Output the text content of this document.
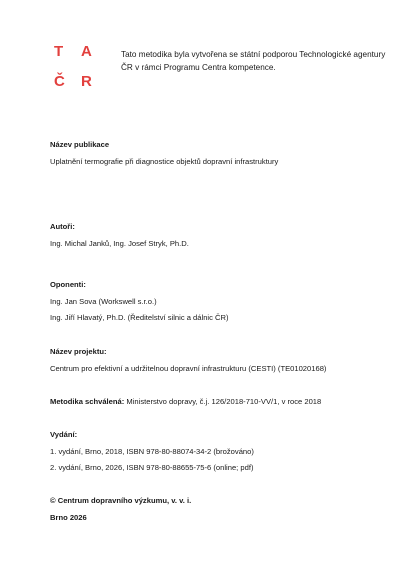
T A
Č R
Tato metodika byla vytvořena se státní podporou Technologické agentury ČR v rámci Programu Centra kompetence.
Název publikace
Uplatnění termografie při diagnostice objektů dopravní infrastruktury
Autoři:
Ing. Michal Janků, Ing. Josef Stryk, Ph.D.
Oponenti:
Ing. Jan Sova (Workswell s.r.o.)
Ing. Jiří Hlavatý, Ph.D. (Ředitelství silnic a dálnic ČR)
Název projektu:
Centrum pro efektivní a udržitelnou dopravní infrastrukturu (CESTI) (TE01020168)
Metodika schválená: Ministerstvo dopravy, č.j. 126/2018-710-VV/1, v roce 2018
Vydání:
1. vydání, Brno, 2018, ISBN 978-80-88074-34-2 (brožováno)
2. vydání, Brno, 2026, ISBN 978-80-88655-75-6 (online; pdf)
© Centrum dopravního výzkumu, v. v. i.
Brno 2026
